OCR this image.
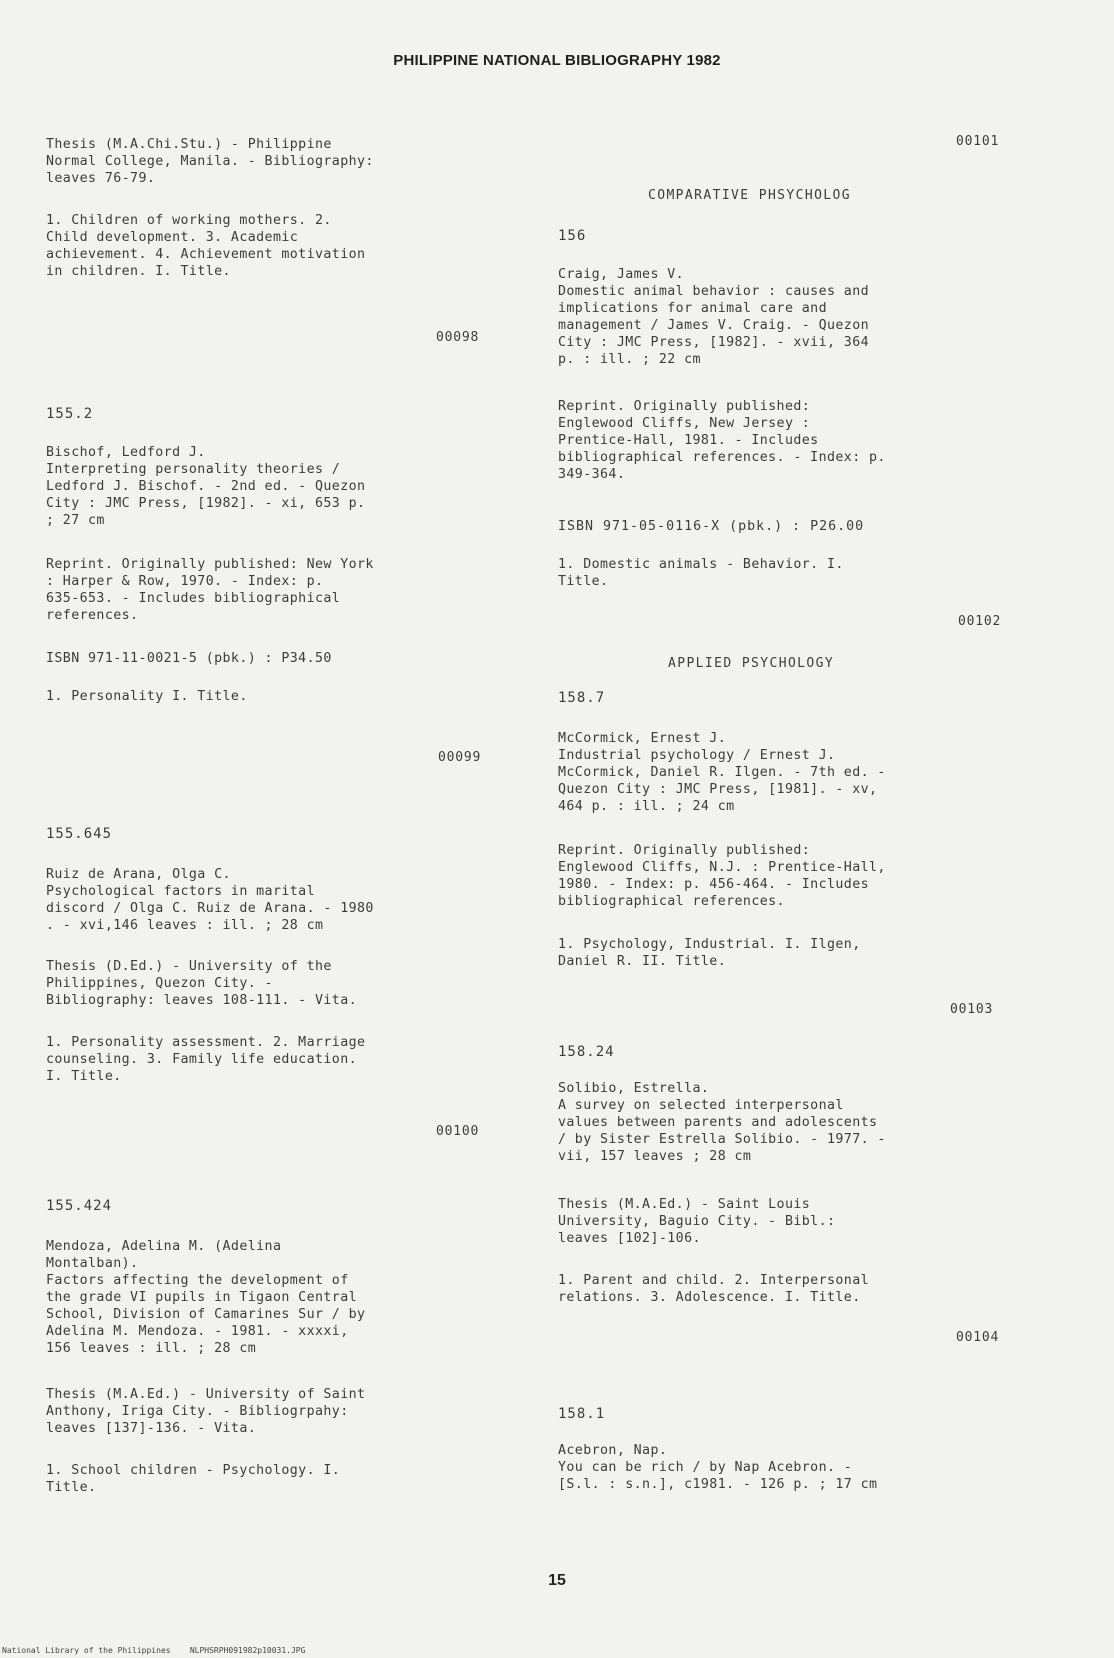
PHILIPPINE NATIONAL BIBLIOGRAPHY 1982
Thesis (M.A.Chi.Stu.) - Philippine
Normal College, Manila. - Bibliography:
leaves 76-79.
1. Children of working mothers. 2.
Child development. 3. Academic
achievement. 4. Achievement motivation
in children. I. Title.
00098
155.2
Bischof, Ledford J.
Interpreting personality theories /
Ledford J. Bischof. - 2nd ed. - Quezon
City : JMC Press, [1982]. - xi, 653 p.
; 27 cm
Reprint. Originally published: New York
: Harper & Row, 1970. - Index: p.
635-653. - Includes bibliographical
references.
ISBN 971-11-0021-5 (pbk.) : P34.50
1. Personality I. Title.
00099
155.645
Ruiz de Arana, Olga C.
Psychological factors in marital
discord / Olga C. Ruiz de Arana. - 1980
. - xvi,146 leaves : ill. ; 28 cm
Thesis (D.Ed.) - University of the
Philippines, Quezon City. -
Bibliography: leaves 108-111. - Vita.
1. Personality assessment. 2. Marriage
counseling. 3. Family life education.
I. Title.
00100
155.424
Mendoza, Adelina M. (Adelina
Montalban).
Factors affecting the development of
the grade VI pupils in Tigaon Central
School, Division of Camarines Sur / by
Adelina M. Mendoza. - 1981. - xxxxi,
156 leaves : ill. ; 28 cm
Thesis (M.A.Ed.) - University of Saint
Anthony, Iriga City. - Bibliogrpahy:
leaves [137]-136. - Vita.
1. School children - Psychology. I.
Title.
00101
COMPARATIVE PHSYCHOLOG
156
Craig, James V.
Domestic animal behavior : causes and
implications for animal care and
management / James V. Craig. - Quezon
City : JMC Press, [1982]. - xvii, 364
p. : ill. ; 22 cm
Reprint. Originally published:
Englewood Cliffs, New Jersey :
Prentice-Hall, 1981. - Includes
bibliographical references. - Index: p.
349-364.
ISBN 971-05-0116-X (pbk.) : P26.00
1. Domestic animals - Behavior. I.
Title.
00102
APPLIED PSYCHOLOGY
158.7
McCormick, Ernest J.
Industrial psychology / Ernest J.
McCormick, Daniel R. Ilgen. - 7th ed. -
Quezon City : JMC Press, [1981]. - xv,
464 p. : ill. ; 24 cm
Reprint. Originally published:
Englewood Cliffs, N.J. : Prentice-Hall,
1980. - Index: p. 456-464. - Includes
bibliographical references.
1. Psychology, Industrial. I. Ilgen,
Daniel R. II. Title.
00103
158.24
Solibio, Estrella.
A survey on selected interpersonal
values between parents and adolescents
/ by Sister Estrella Solibio. - 1977. -
vii, 157 leaves ; 28 cm
Thesis (M.A.Ed.) - Saint Louis
University, Baguio City. - Bibl.:
leaves [102]-106.
1. Parent and child. 2. Interpersonal
relations. 3. Adolescence. I. Title.
00104
158.1
Acebron, Nap.
You can be rich / by Nap Acebron. -
[S.l. : s.n.], c1981. - 126 p. ; 17 cm
15
National Library of the Philippines    NLPHSRPH091982p10031.JPG
